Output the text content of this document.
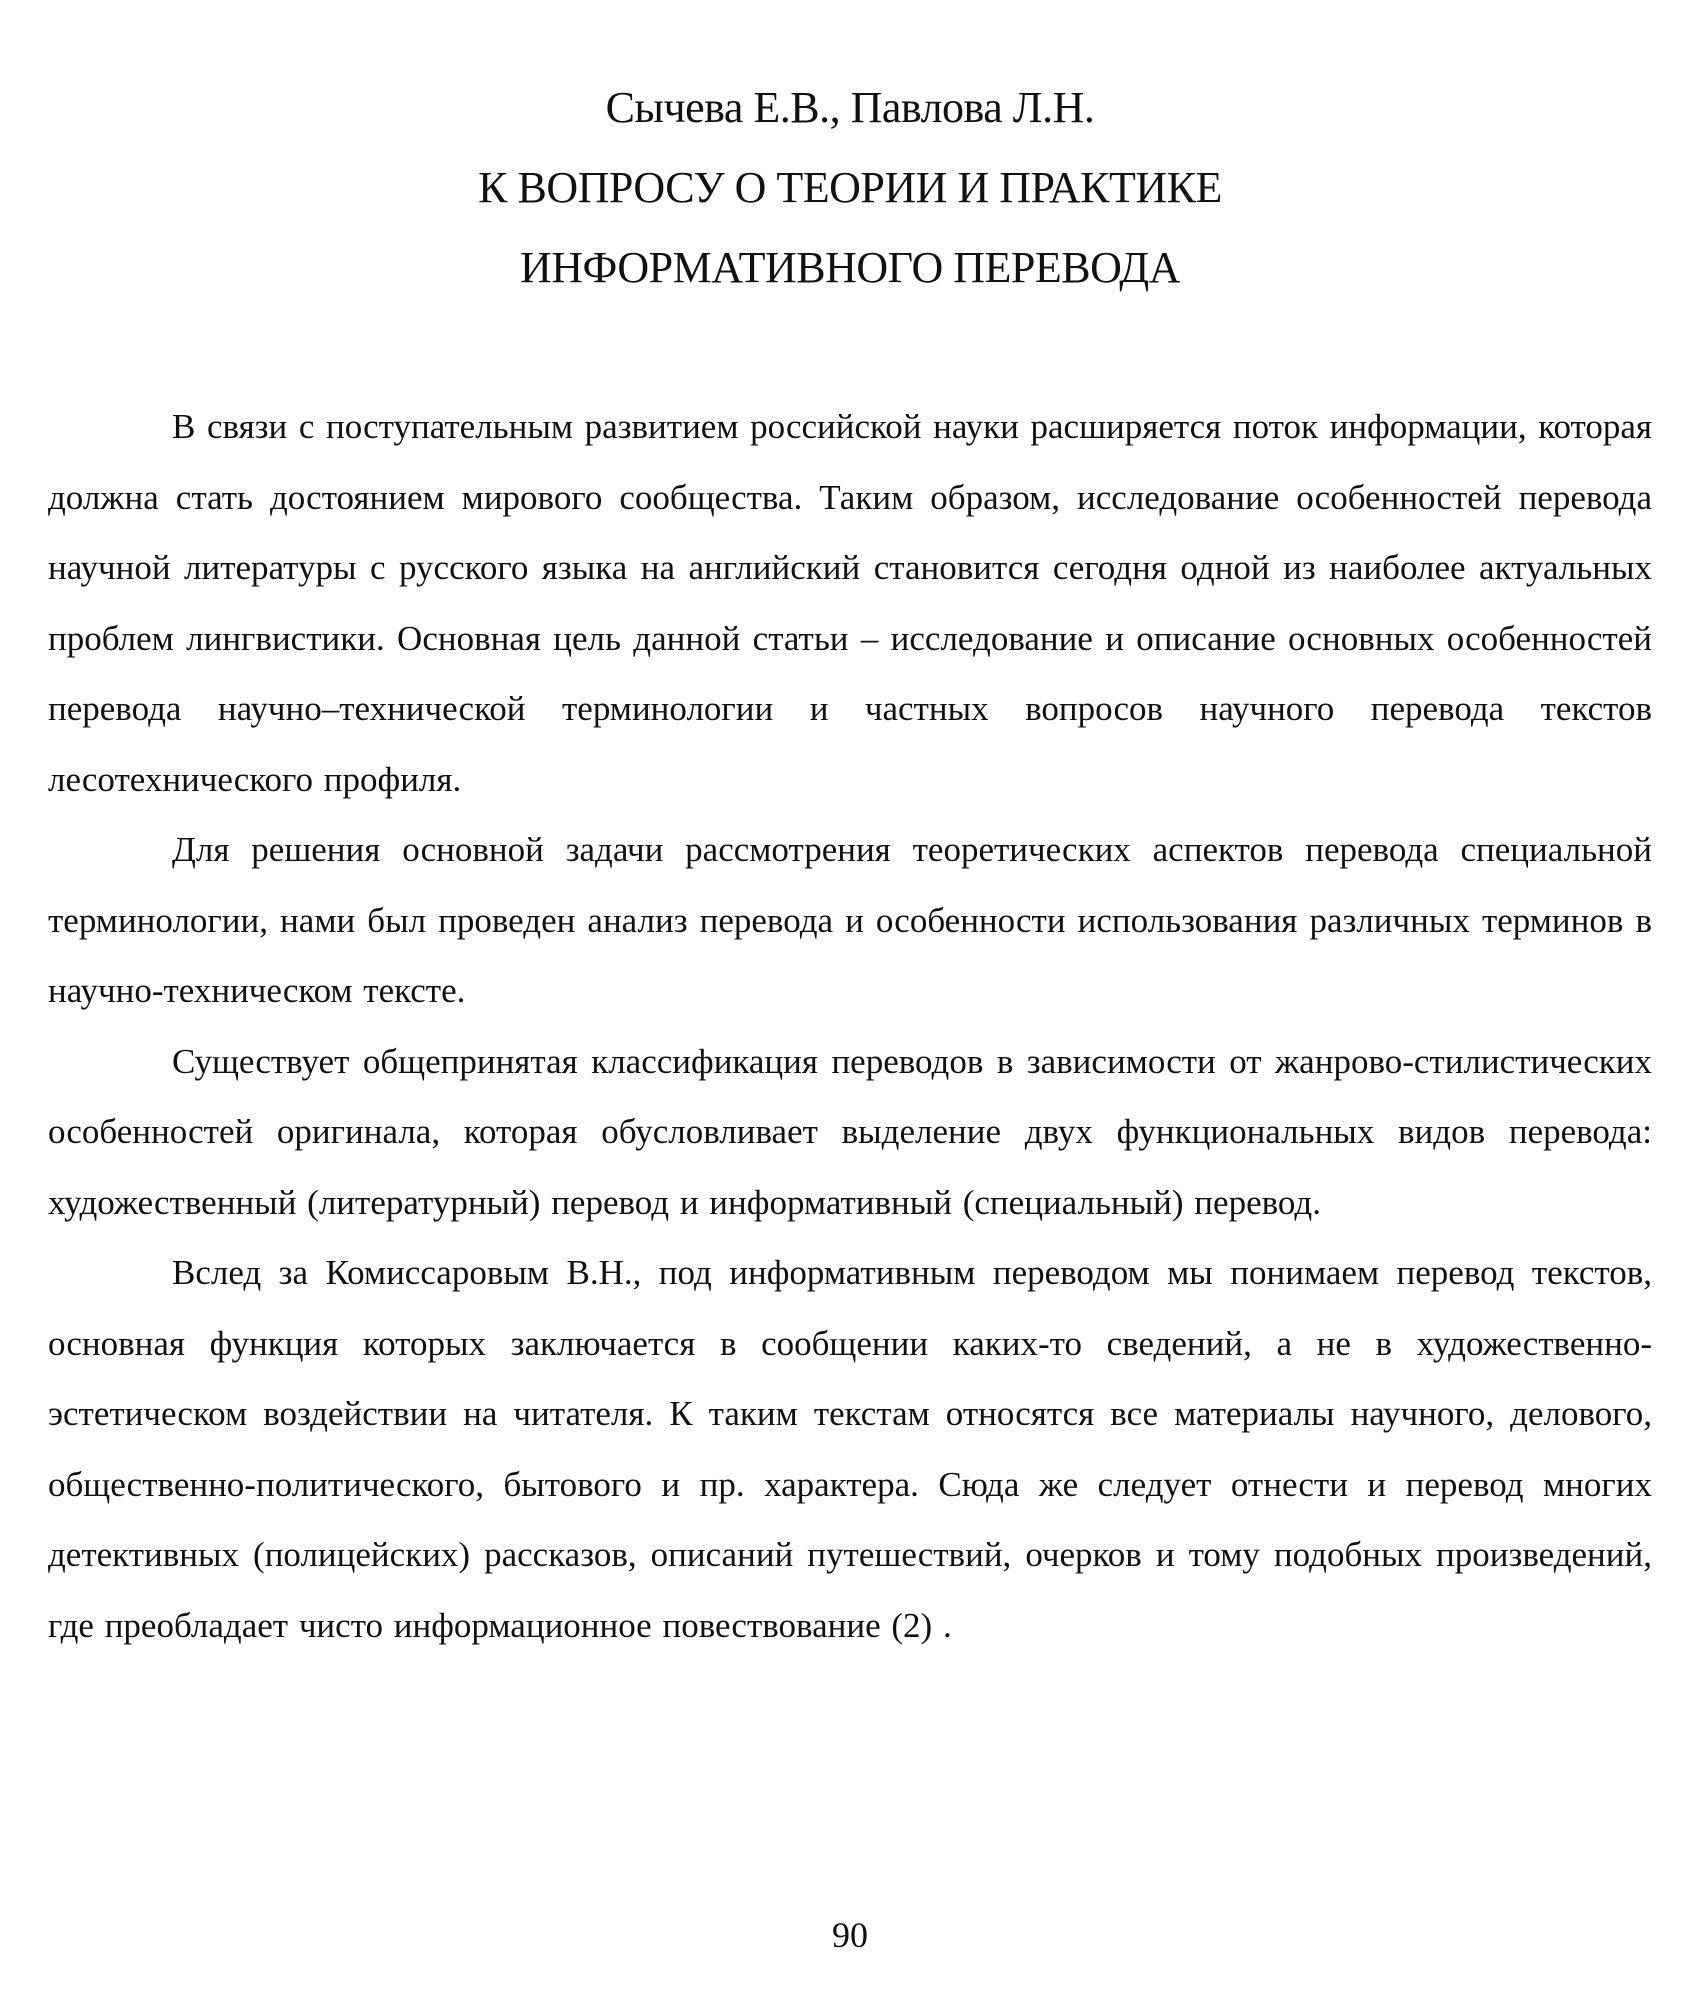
Сычева Е.В., Павлова Л.Н.
К ВОПРОСУ О ТЕОРИИ И ПРАКТИКЕ
ИНФОРМАТИВНОГО ПЕРЕВОДА

В связи с поступательным развитием российской науки расширяется поток информации, которая должна стать достоянием мирового сообщества. Таким образом, исследование особенностей перевода научной литературы с русского языка на английский становится сегодня одной из наиболее актуальных проблем лингвистики. Основная цель данной статьи – исследование и описание основных особенностей перевода научно–технической терминологии и частных вопросов научного перевода текстов лесотехнического профиля.

Для решения основной задачи рассмотрения теоретических аспектов перевода специальной терминологии, нами был проведен анализ перевода и особенности использования различных терминов в научно-техническом тексте.

Существует общепринятая классификация переводов в зависимости от жанрово-стилистических особенностей оригинала, которая обусловливает выделение двух функциональных видов перевода: художественный (литературный) перевод и информативный (специальный) перевод.

Вслед за Комиссаровым В.Н., под информативным переводом мы понимаем перевод текстов, основная функция которых заключается в сообщении каких-то сведений, а не в художественно-эстетическом воздействии на читателя. К таким текстам относятся все материалы научного, делового, общественно-политического, бытового и пр. характера. Сюда же следует отнести и перевод многих детективных (полицейских) рассказов, описаний путешествий, очерков и тому подобных произведений, где преобладает чисто информационное повествование (2) .

90
